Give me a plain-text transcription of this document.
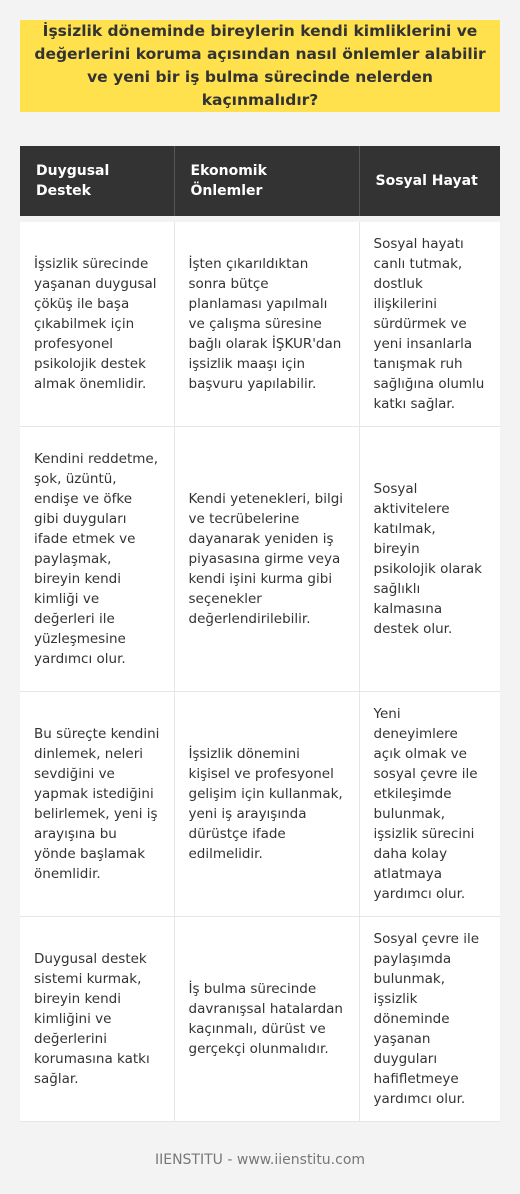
İşsizlik döneminde bireylerin kendi kimliklerini ve değerlerini koruma açısından nasıl önlemler alabilir ve yeni bir iş bulma sürecinde nelerden kaçınmalıdır?
Duygusal Destek	Ekonomik Önlemler	Sosyal Hayat

İşsizlik sürecinde yaşanan duygusal çöküş ile başa çıkabilmek için profesyonel psikolojik destek almak önemlidir.	İşten çıkarıldıktan sonra bütçe planlaması yapılmalı ve çalışma süresine bağlı olarak İŞKUR'dan işsizlik maaşı için başvuru yapılabilir.	Sosyal hayatı canlı tutmak, dostluk ilişkilerini sürdürmek ve yeni insanlarla tanışmak ruh sağlığına olumlu katkı sağlar.
Kendini reddetme, şok, üzüntü, endişe ve öfke gibi duyguları ifade etmek ve paylaşmak, bireyin kendi kimliği ve değerleri ile yüzleşmesine yardımcı olur.	Kendi yetenekleri, bilgi ve tecrübelerine dayanarak yeniden iş piyasasına girme veya kendi işini kurma gibi seçenekler değerlendirilebilir.	Sosyal aktivitelere katılmak, bireyin psikolojik olarak sağlıklı kalmasına destek olur.
Bu süreçte kendini dinlemek, neleri sevdiğini ve yapmak istediğini belirlemek, yeni iş arayışına bu yönde başlamak önemlidir.	İşsizlik dönemini kişisel ve profesyonel gelişim için kullanmak, yeni iş arayışında dürüstçe ifade edilmelidir.	Yeni deneyimlere açık olmak ve sosyal çevre ile etkileşimde bulunmak, işsizlik sürecini daha kolay atlatmaya yardımcı olur.
Duygusal destek sistemi kurmak, bireyin kendi kimliğini ve değerlerini korumasına katkı sağlar.	İş bulma sürecinde davranışsal hatalardan kaçınmalı, dürüst ve gerçekçi olunmalıdır.	Sosyal çevre ile paylaşımda bulunmak, işsizlik döneminde yaşanan duyguları hafifletmeye yardımcı olur.
IIENSTITU - www.iienstitu.com
